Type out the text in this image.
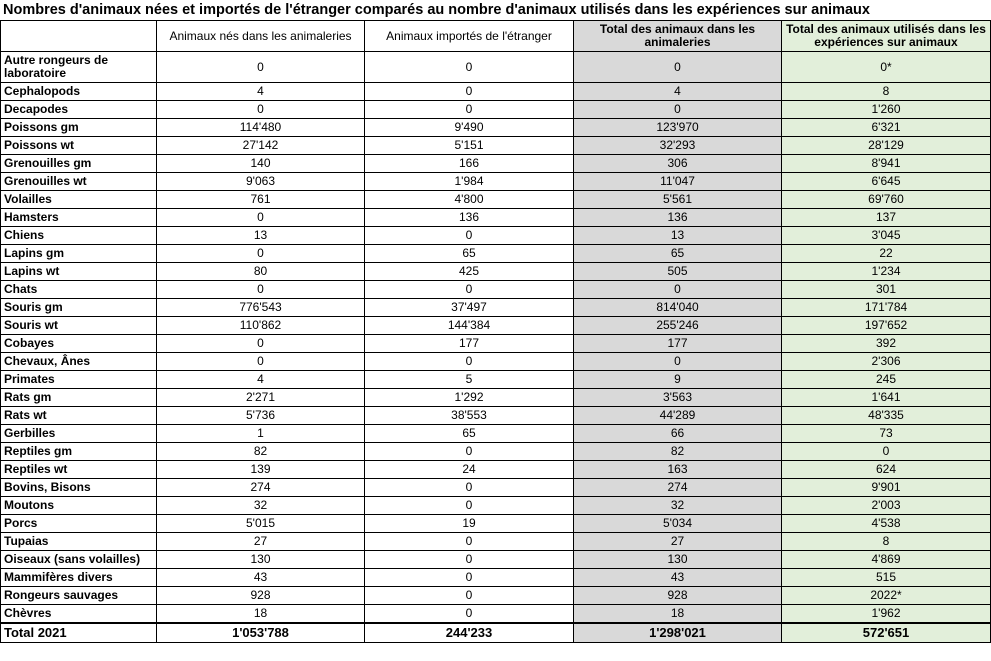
Nombres d'animaux nées et importés de l'étranger comparés au nombre d'animaux utilisés dans les expériences sur animaux
	Animaux nés dans les animaleries	Animaux importés de l'étranger	Total des animaux dans les animaleries	Total des animaux utilisés dans les expériences sur animaux
Autre rongeurs de laboratoire	0	0	0	0*
Cephalopods	4	0	4	8
Decapodes	0	0	0	1'260
Poissons gm	114'480	9'490	123'970	6'321
Poissons wt	27'142	5'151	32'293	28'129
Grenouilles gm	140	166	306	8'941
Grenouilles wt	9'063	1'984	11'047	6'645
Volailles	761	4'800	5'561	69'760
Hamsters	0	136	136	137
Chiens	13	0	13	3'045
Lapins gm	0	65	65	22
Lapins wt	80	425	505	1'234
Chats	0	0	0	301
Souris gm	776'543	37'497	814'040	171'784
Souris wt	110'862	144'384	255'246	197'652
Cobayes	0	177	177	392
Chevaux, Ânes	0	0	0	2'306
Primates	4	5	9	245
Rats gm	2'271	1'292	3'563	1'641
Rats wt	5'736	38'553	44'289	48'335
Gerbilles	1	65	66	73
Reptiles gm	82	0	82	0
Reptiles wt	139	24	163	624
Bovins, Bisons	274	0	274	9'901
Moutons	32	0	32	2'003
Porcs	5'015	19	5'034	4'538
Tupaias	27	0	27	8
Oiseaux (sans volailles)	130	0	130	4'869
Mammifères divers	43	0	43	515
Rongeurs sauvages	928	0	928	2022*
Chèvres	18	0	18	1'962
Total 2021	1'053'788	244'233	1'298'021	572'651
